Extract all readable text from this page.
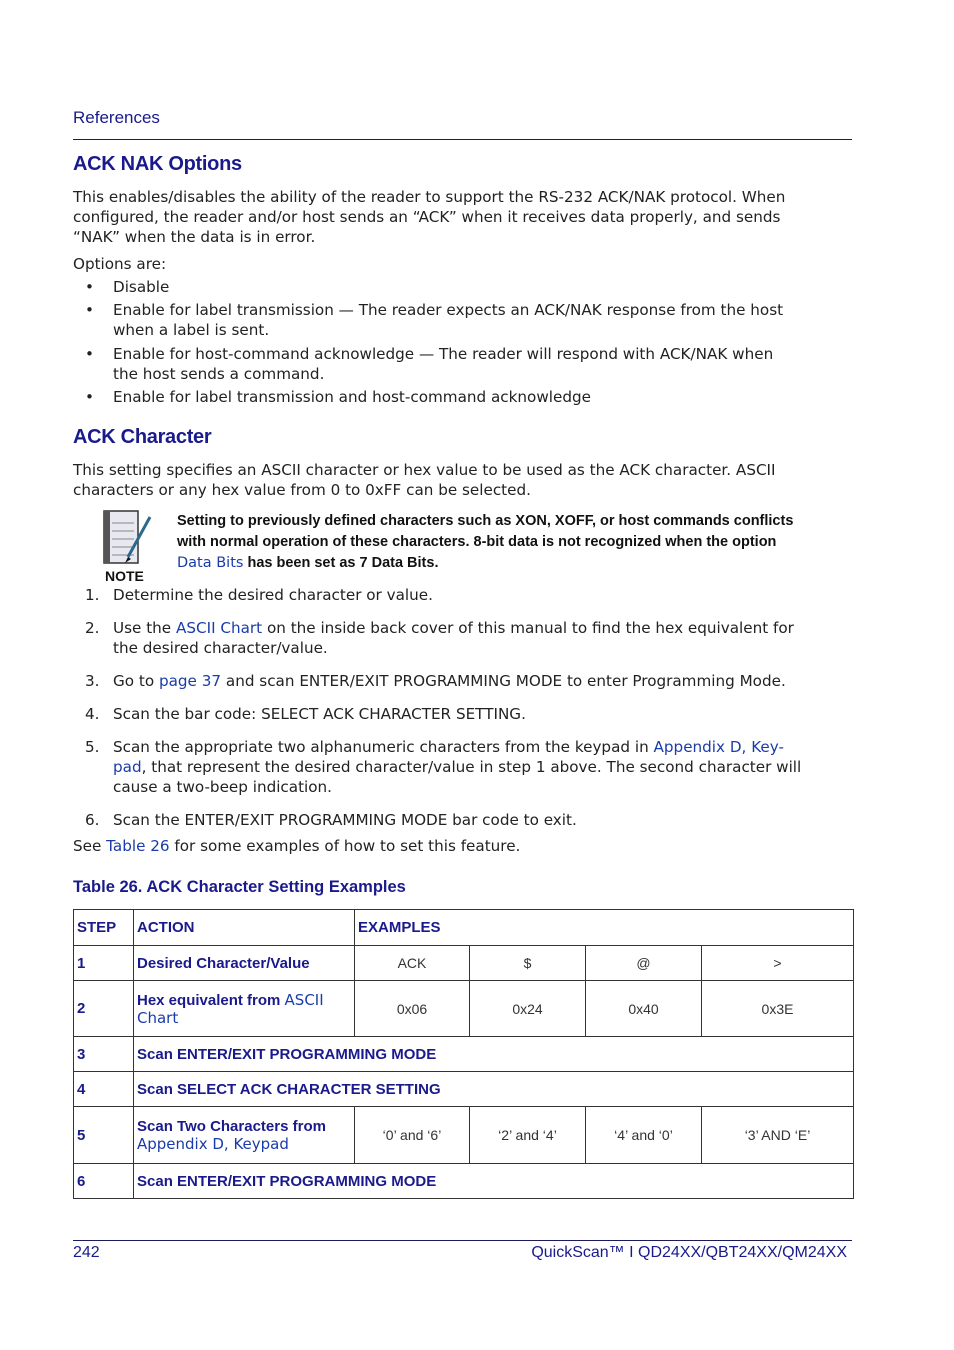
References
ACK NAK Options
This enables/disables the ability of the reader to support the RS-232 ACK/NAK protocol. When
configured, the reader and/or host sends an “ACK” when it receives data properly, and sends
“NAK” when the data is in error.
Options are:
• Disable
• Enable for label transmission — The reader expects an ACK/NAK response from the host
when a label is sent.
• Enable for host-command acknowledge — The reader will respond with ACK/NAK when
the host sends a command.
• Enable for label transmission and host-command acknowledge
ACK Character
This setting specifies an ASCII character or hex value to be used as the ACK character. ASCII
characters or any hex value from 0 to 0xFF can be selected.
NOTE
Setting to previously defined characters such as XON, XOFF, or host commands conflicts
with normal operation of these characters. 8-bit data is not recognized when the option
Data Bits has been set as 7 Data Bits.
1. Determine the desired character or value.
2. Use the ASCII Chart on the inside back cover of this manual to find the hex equivalent for
the desired character/value.
3. Go to page 37 and scan ENTER/EXIT PROGRAMMING MODE to enter Programming Mode.
4. Scan the bar code: SELECT ACK CHARACTER SETTING.
5. Scan the appropriate two alphanumeric characters from the keypad in Appendix D, Key-
pad, that represent the desired character/value in step 1 above. The second character will
cause a two-beep indication.
6. Scan the ENTER/EXIT PROGRAMMING MODE bar code to exit.
See Table 26 for some examples of how to set this feature.
Table 26. ACK Character Setting Examples
STEP	ACTION	EXAMPLES			
1	Desired Character/Value	ACK	$	@	>
2	Hex equivalent from ASCII Chart	0x06	0x24	0x40	0x3E
3	Scan ENTER/EXIT PROGRAMMING MODE				
4	Scan SELECT ACK CHARACTER SETTING				
5	Scan Two Characters from
Appendix D, Keypad	‘0’ and ‘6’	‘2’ and ‘4’	‘4’ and ‘0’	‘3’ AND ‘E’
6	Scan ENTER/EXIT PROGRAMMING MODE				
242	QuickScan™ I QD24XX/QBT24XX/QM24XX
